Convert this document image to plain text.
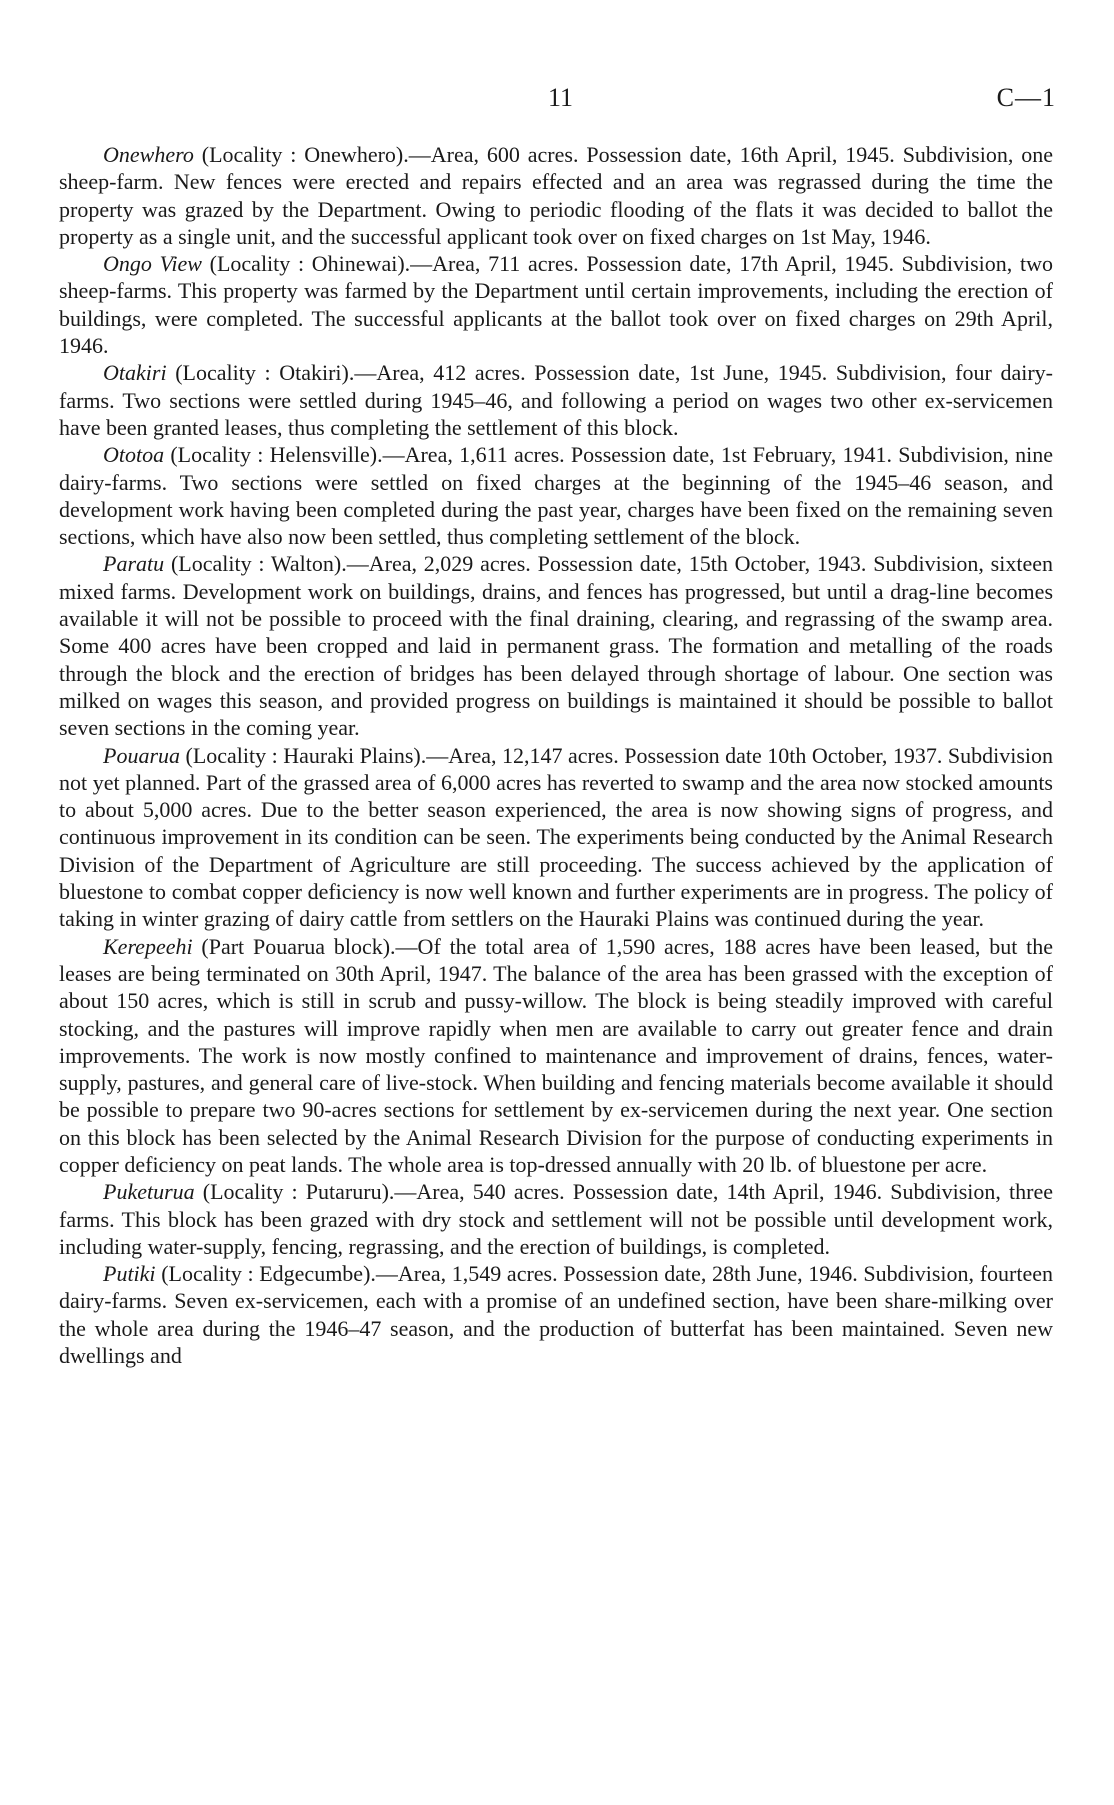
11	C—1

Onewhero (Locality : Onewhero).—Area, 600 acres. Possession date, 16th April, 1945. Subdivision, one sheep-farm. New fences were erected and repairs effected and an area was regrassed during the time the property was grazed by the Department. Owing to periodic flooding of the flats it was decided to ballot the property as a single unit, and the successful applicant took over on fixed charges on 1st May, 1946.

Ongo View (Locality : Ohinewai).—Area, 711 acres. Possession date, 17th April, 1945. Subdivision, two sheep-farms. This property was farmed by the Department until certain improvements, including the erection of buildings, were completed. The successful applicants at the ballot took over on fixed charges on 29th April, 1946.

Otakiri (Locality : Otakiri).—Area, 412 acres. Possession date, 1st June, 1945. Subdivision, four dairy-farms. Two sections were settled during 1945–46, and following a period on wages two other ex-servicemen have been granted leases, thus completing the settlement of this block.

Ototoa (Locality : Helensville).—Area, 1,611 acres. Possession date, 1st February, 1941. Subdivision, nine dairy-farms. Two sections were settled on fixed charges at the beginning of the 1945–46 season, and development work having been completed during the past year, charges have been fixed on the remaining seven sections, which have also now been settled, thus completing settlement of the block.

Paratu (Locality : Walton).—Area, 2,029 acres. Possession date, 15th October, 1943. Subdivision, sixteen mixed farms. Development work on buildings, drains, and fences has progressed, but until a drag-line becomes available it will not be possible to proceed with the final draining, clearing, and regrassing of the swamp area. Some 400 acres have been cropped and laid in permanent grass. The formation and metalling of the roads through the block and the erection of bridges has been delayed through shortage of labour. One section was milked on wages this season, and provided progress on buildings is maintained it should be possible to ballot seven sections in the coming year.

Pouarua (Locality : Hauraki Plains).—Area, 12,147 acres. Possession date 10th October, 1937. Subdivision not yet planned. Part of the grassed area of 6,000 acres has reverted to swamp and the area now stocked amounts to about 5,000 acres. Due to the better season experienced, the area is now showing signs of progress, and continuous improvement in its condition can be seen. The experiments being conducted by the Animal Research Division of the Department of Agriculture are still proceeding. The success achieved by the application of bluestone to combat copper deficiency is now well known and further experiments are in progress. The policy of taking in winter grazing of dairy cattle from settlers on the Hauraki Plains was continued during the year.

Kerepeehi (Part Pouarua block).—Of the total area of 1,590 acres, 188 acres have been leased, but the leases are being terminated on 30th April, 1947. The balance of the area has been grassed with the exception of about 150 acres, which is still in scrub and pussy-willow. The block is being steadily improved with careful stocking, and the pastures will improve rapidly when men are available to carry out greater fence and drain improvements. The work is now mostly confined to maintenance and improvement of drains, fences, water-supply, pastures, and general care of live-stock. When building and fencing materials become available it should be possible to prepare two 90-acres sections for settlement by ex-servicemen during the next year. One section on this block has been selected by the Animal Research Division for the purpose of conducting experiments in copper deficiency on peat lands. The whole area is top-dressed annually with 20 lb. of bluestone per acre.

Puketurua (Locality : Putaruru).—Area, 540 acres. Possession date, 14th April, 1946. Subdivision, three farms. This block has been grazed with dry stock and settlement will not be possible until development work, including water-supply, fencing, regrassing, and the erection of buildings, is completed.

Putiki (Locality : Edgecumbe).—Area, 1,549 acres. Possession date, 28th June, 1946. Subdivision, fourteen dairy-farms. Seven ex-servicemen, each with a promise of an undefined section, have been share-milking over the whole area during the 1946–47 season, and the production of butterfat has been maintained. Seven new dwellings and
